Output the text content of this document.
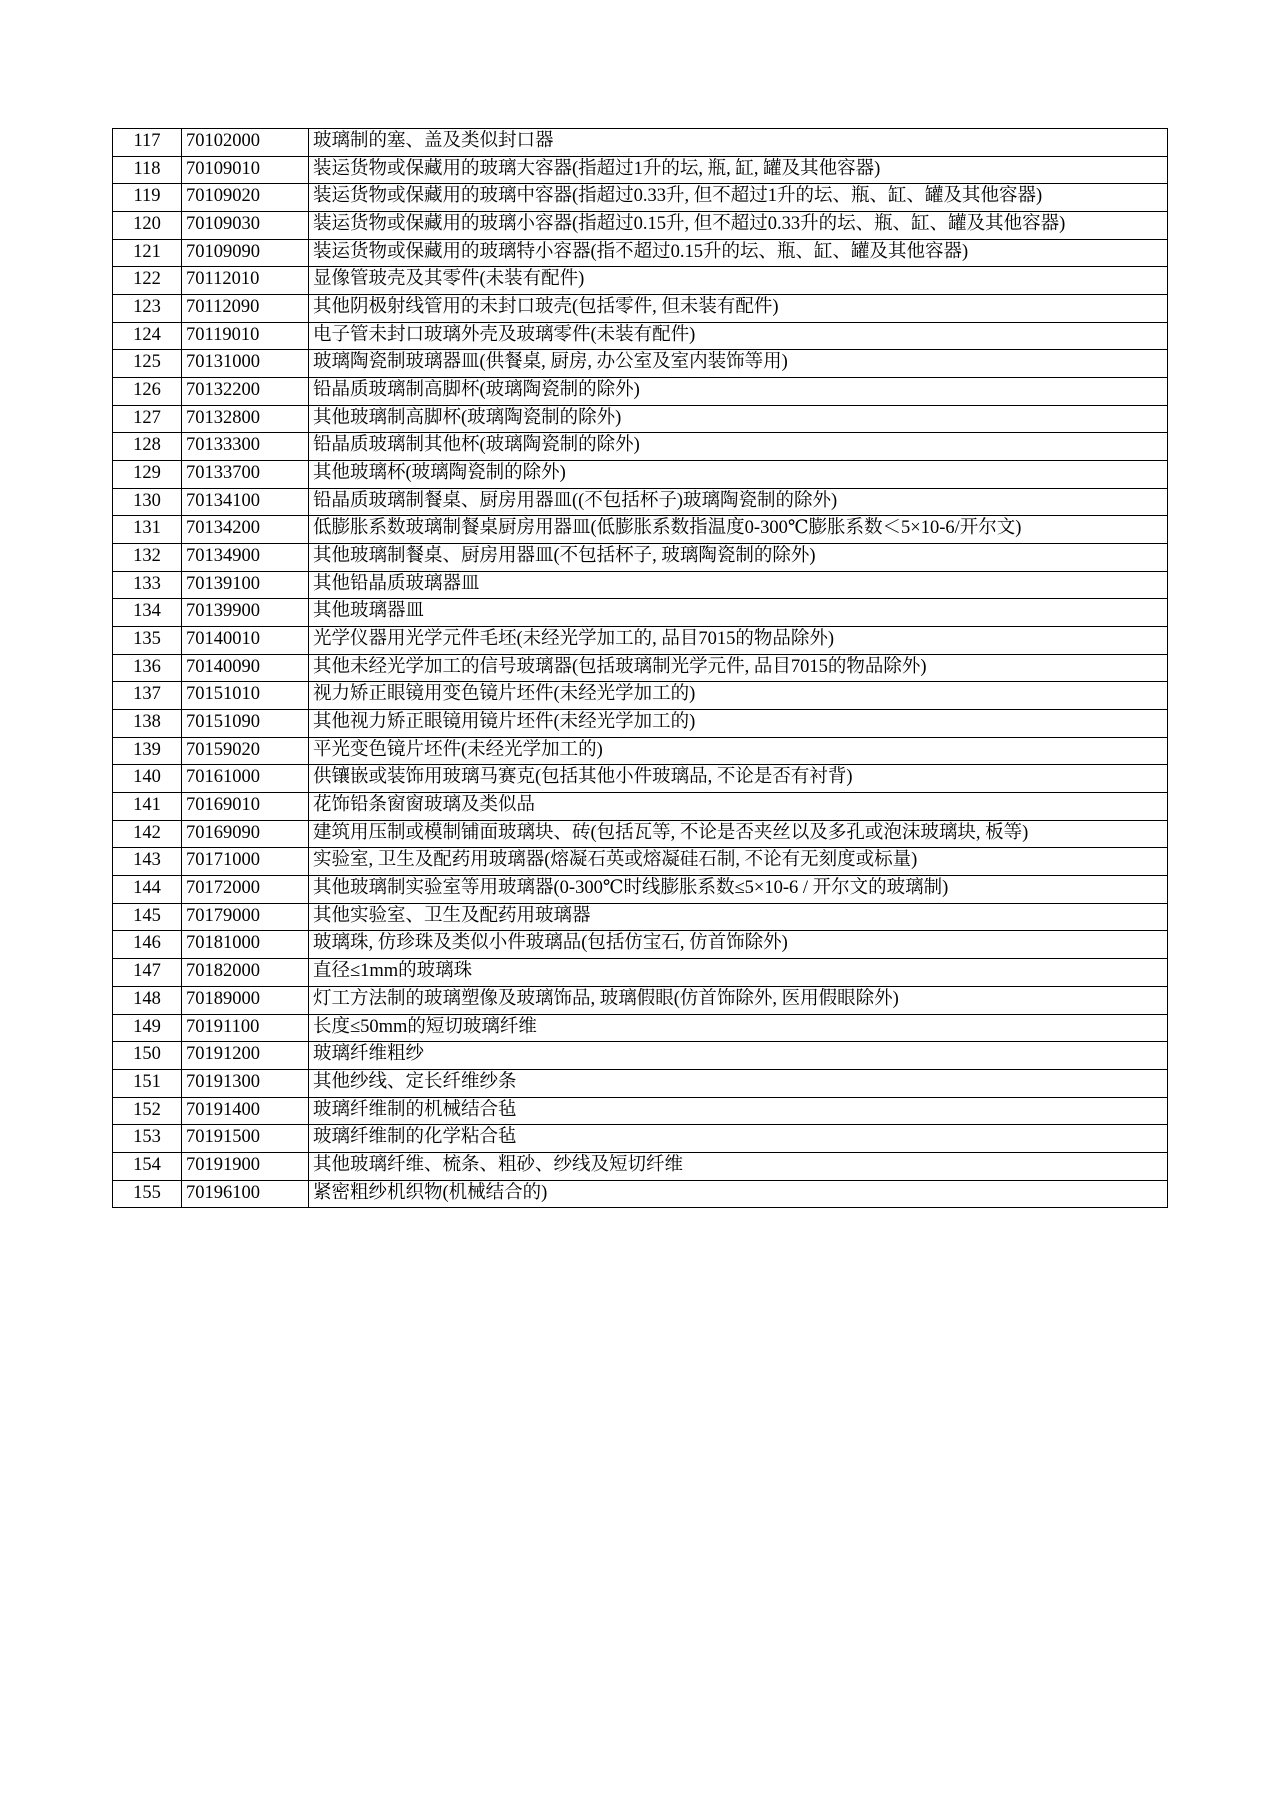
117	70102000	玻璃制的塞、盖及类似封口器
118	70109010	装运货物或保藏用的玻璃大容器(指超过1升的坛, 瓶, 缸, 罐及其他容器)
119	70109020	装运货物或保藏用的玻璃中容器(指超过0.33升, 但不超过1升的坛、瓶、缸、罐及其他容器)
120	70109030	装运货物或保藏用的玻璃小容器(指超过0.15升, 但不超过0.33升的坛、瓶、缸、罐及其他容器)
121	70109090	装运货物或保藏用的玻璃特小容器(指不超过0.15升的坛、瓶、缸、罐及其他容器)
122	70112010	显像管玻壳及其零件(未装有配件)
123	70112090	其他阴极射线管用的未封口玻壳(包括零件, 但未装有配件)
124	70119010	电子管未封口玻璃外壳及玻璃零件(未装有配件)
125	70131000	玻璃陶瓷制玻璃器皿(供餐桌, 厨房, 办公室及室内装饰等用)
126	70132200	铅晶质玻璃制高脚杯(玻璃陶瓷制的除外)
127	70132800	其他玻璃制高脚杯(玻璃陶瓷制的除外)
128	70133300	铅晶质玻璃制其他杯(玻璃陶瓷制的除外)
129	70133700	其他玻璃杯(玻璃陶瓷制的除外)
130	70134100	铅晶质玻璃制餐桌、厨房用器皿((不包括杯子)玻璃陶瓷制的除外)
131	70134200	低膨胀系数玻璃制餐桌厨房用器皿(低膨胀系数指温度0-300℃膨胀系数＜5×10-6/开尔文)
132	70134900	其他玻璃制餐桌、厨房用器皿(不包括杯子, 玻璃陶瓷制的除外)
133	70139100	其他铅晶质玻璃器皿
134	70139900	其他玻璃器皿
135	70140010	光学仪器用光学元件毛坯(未经光学加工的, 品目7015的物品除外)
136	70140090	其他未经光学加工的信号玻璃器(包括玻璃制光学元件, 品目7015的物品除外)
137	70151010	视力矫正眼镜用变色镜片坯件(未经光学加工的)
138	70151090	其他视力矫正眼镜用镜片坯件(未经光学加工的)
139	70159020	平光变色镜片坯件(未经光学加工的)
140	70161000	供镶嵌或装饰用玻璃马赛克(包括其他小件玻璃品, 不论是否有衬背)
141	70169010	花饰铅条窗窗玻璃及类似品
142	70169090	建筑用压制或模制铺面玻璃块、砖(包括瓦等, 不论是否夹丝以及多孔或泡沫玻璃块, 板等)
143	70171000	实验室, 卫生及配药用玻璃器(熔凝石英或熔凝硅石制, 不论有无刻度或标量)
144	70172000	其他玻璃制实验室等用玻璃器(0-300℃时线膨胀系数≤5×10-6 / 开尔文的玻璃制)
145	70179000	其他实验室、卫生及配药用玻璃器
146	70181000	玻璃珠, 仿珍珠及类似小件玻璃品(包括仿宝石, 仿首饰除外)
147	70182000	直径≤1mm的玻璃珠
148	70189000	灯工方法制的玻璃塑像及玻璃饰品, 玻璃假眼(仿首饰除外, 医用假眼除外)
149	70191100	长度≤50mm的短切玻璃纤维
150	70191200	玻璃纤维粗纱
151	70191300	其他纱线、定长纤维纱条
152	70191400	玻璃纤维制的机械结合毡
153	70191500	玻璃纤维制的化学粘合毡
154	70191900	其他玻璃纤维、梳条、粗砂、纱线及短切纤维
155	70196100	紧密粗纱机织物(机械结合的)
